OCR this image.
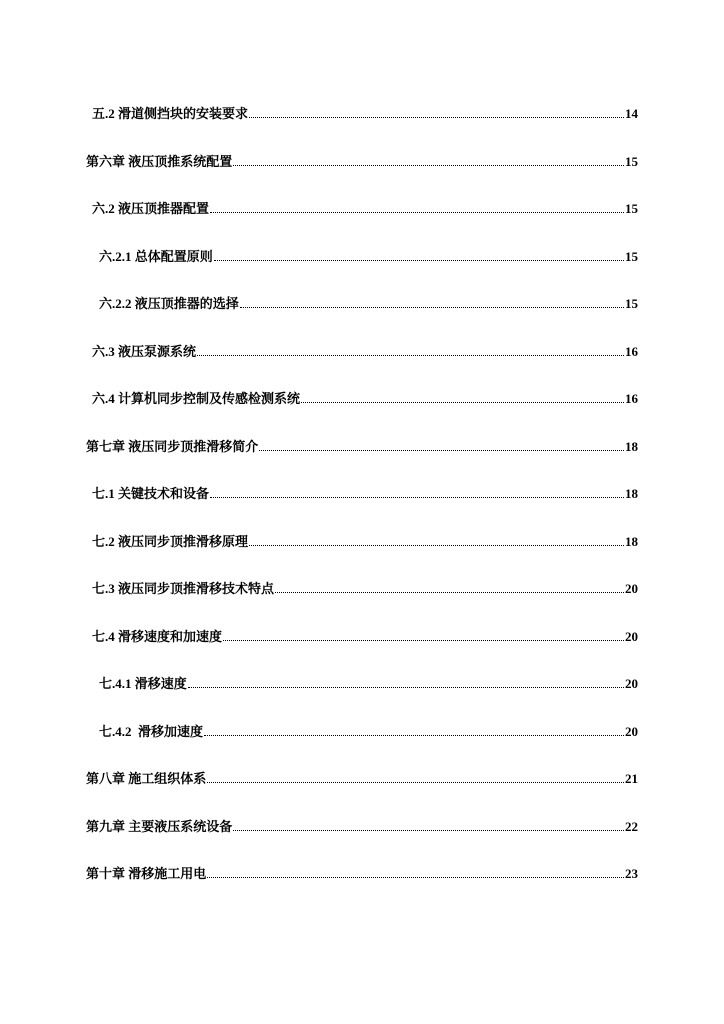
五.2 滑道侧挡块的安装要求	14
第六章 液压顶推系统配置	15
六.2 液压顶推器配置	15
六.2.1 总体配置原则	15
六.2.2 液压顶推器的选择	15
六.3 液压泵源系统	16
六.4 计算机同步控制及传感检测系统	16
第七章 液压同步顶推滑移简介	18
七.1 关键技术和设备	18
七.2 液压同步顶推滑移原理	18
七.3 液压同步顶推滑移技术特点	20
七.4 滑移速度和加速度	20
七.4.1 滑移速度	20
七.4.2  滑移加速度	20
第八章 施工组织体系	21
第九章 主要液压系统设备	22
第十章 滑移施工用电	23
